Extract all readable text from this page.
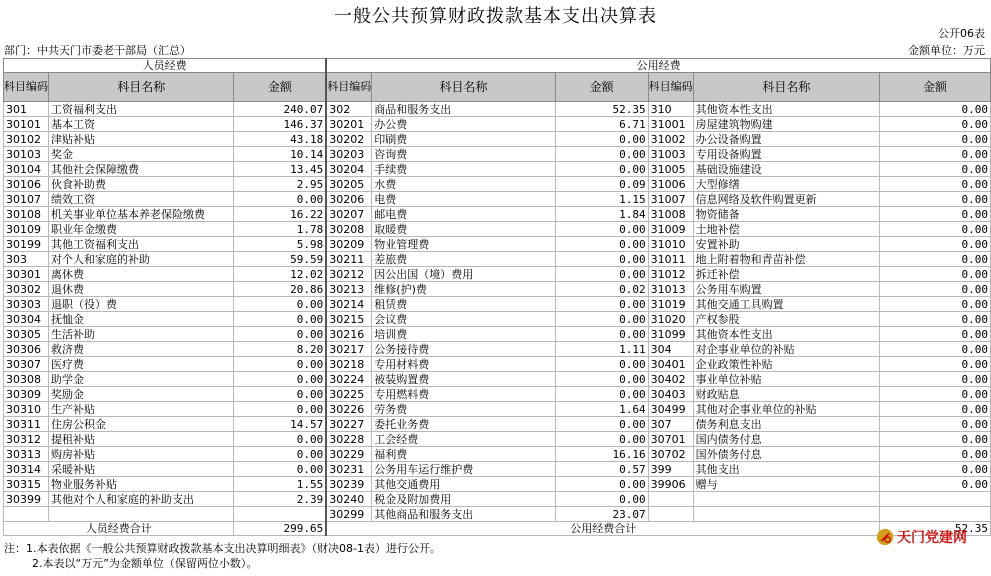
一般公共预算财政拨款基本支出决算表
公开06表
部门：中共天门市委老干部局（汇总）	金额单位：万元
人员经费			公用经费					
科目编码	科目名称	金额	科目编码	科目名称	金额	科目编码	科目名称	金额
301	工资福利支出	240.07	302	商品和服务支出	52.35	310	其他资本性支出	0.00
30101	基本工资	146.37	30201	办公费	6.71	31001	房屋建筑物购建	0.00
30102	津贴补贴	43.18	30202	印刷费	0.00	31002	办公设备购置	0.00
30103	奖金	10.14	30203	咨询费	0.00	31003	专用设备购置	0.00
30104	其他社会保障缴费	13.45	30204	手续费	0.00	31005	基础设施建设	0.00
30106	伙食补助费	2.95	30205	水费	0.09	31006	大型修缮	0.00
30107	绩效工资	0.00	30206	电费	1.15	31007	信息网络及软件购置更新	0.00
30108	机关事业单位基本养老保险缴费	16.22	30207	邮电费	1.84	31008	物资储备	0.00
30109	职业年金缴费	1.78	30208	取暖费	0.00	31009	土地补偿	0.00
30199	其他工资福利支出	5.98	30209	物业管理费	0.00	31010	安置补助	0.00
303	对个人和家庭的补助	59.59	30211	差旅费	0.00	31011	地上附着物和青苗补偿	0.00
30301	离休费	12.02	30212	因公出国（境）费用	0.00	31012	拆迁补偿	0.00
30302	退休费	20.86	30213	维修(护)费	0.02	31013	公务用车购置	0.00
30303	退职（役）费	0.00	30214	租赁费	0.00	31019	其他交通工具购置	0.00
30304	抚恤金	0.00	30215	会议费	0.00	31020	产权参股	0.00
30305	生活补助	0.00	30216	培训费	0.00	31099	其他资本性支出	0.00
30306	救济费	8.20	30217	公务接待费	1.11	304	对企事业单位的补贴	0.00
30307	医疗费	0.00	30218	专用材料费	0.00	30401	企业政策性补贴	0.00
30308	助学金	0.00	30224	被装购置费	0.00	30402	事业单位补贴	0.00
30309	奖励金	0.00	30225	专用燃料费	0.00	30403	财政贴息	0.00
30310	生产补贴	0.00	30226	劳务费	1.64	30499	其他对企事业单位的补贴	0.00
30311	住房公积金	14.57	30227	委托业务费	0.00	307	债务利息支出	0.00
30312	提租补贴	0.00	30228	工会经费	0.00	30701	国内债务付息	0.00
30313	购房补贴	0.00	30229	福利费	16.16	30702	国外债务付息	0.00
30314	采暖补贴	0.00	30231	公务用车运行维护费	0.57	399	其他支出	0.00
30315	物业服务补贴	1.55	30239	其他交通费用	0.00	39906	赠与	0.00
30399	其他对个人和家庭的补助支出	2.39	30240	税金及附加费用	0.00			
			30299	其他商品和服务支出	23.07			
人员经费合计		299.65	公用经费合计					52.35
注：1.本表依据《一般公共预算财政拨款基本支出决算明细表》（财决08-1表）进行公开。
2.本表以“万元”为金额单位（保留两位小数）。
天门党建网
